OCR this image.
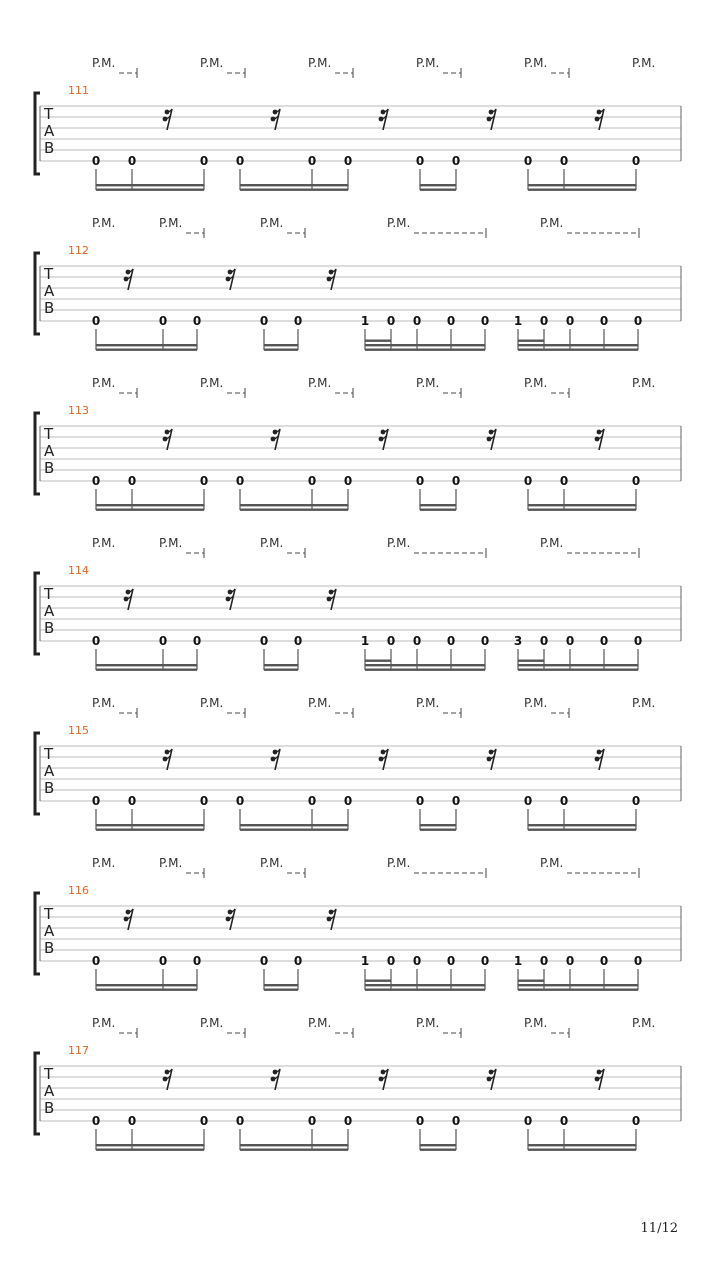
P.M.	P.M.	P.M.	P.M.	P.M.	P.M.
111
T
A
B
0 0	0 0	0 0	0 0	0 0	0
P.M.	P.M.	P.M.	P.M.	P.M.
112
T
A
B
0	0 0	0 0	1 0 0 0 0 1 0 0 0 0
P.M.	P.M.	P.M.	P.M.	P.M.	P.M.
113
T
A
B
0 0	0 0	0 0	0 0	0 0	0
P.M.	P.M.	P.M.	P.M.	P.M.
114
T
A
B
0	0 0	0 0	1 0 0 0 0 3 0 0 0 0
P.M.	P.M.	P.M.	P.M.	P.M.	P.M.
115
T
A
B
0 0	0 0	0 0	0 0	0 0	0
P.M.	P.M.	P.M.	P.M.	P.M.
116
T
A
B
0	0 0	0 0	1 0 0 0 0 1 0 0 0 0
P.M.	P.M.	P.M.	P.M.	P.M.	P.M.
117
T
A
B
0 0	0 0	0 0	0 0	0 0	0
11/12
